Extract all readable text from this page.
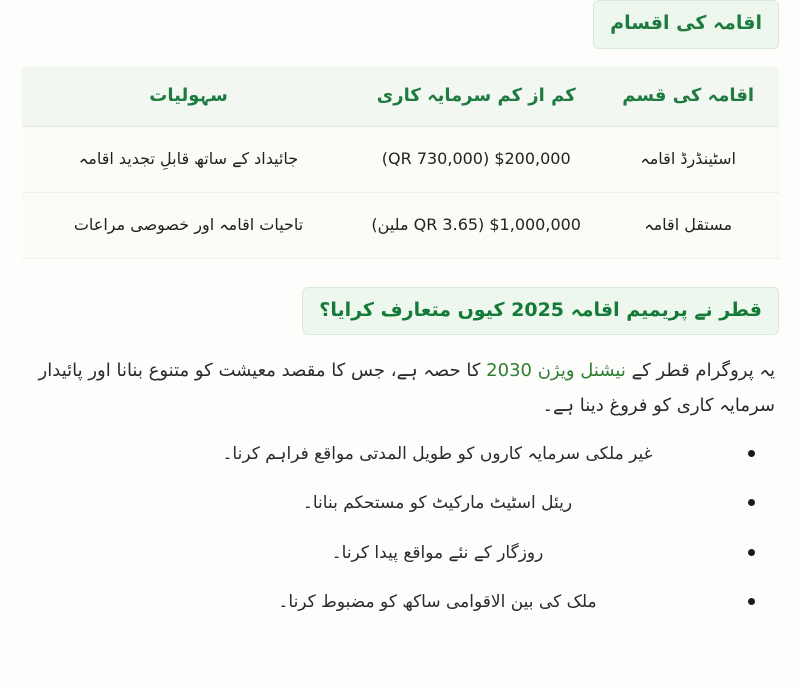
اقامہ کی اقسام
اقامہ کی قسم	کم از کم سرمایہ کاری	سہولیات
اسٹینڈرڈ اقامہ	$200,000 (QR 730,000)	جائیداد کے ساتھ قابلِ تجدید اقامہ
مستقل اقامہ	$1,000,000 (QR 3.65 ملین)	تاحیات اقامہ اور خصوصی مراعات
قطر نے پریمیم اقامہ 2025 کیوں متعارف کرایا؟

یہ پروگرام قطر کے نیشنل ویژن 2030 کا حصہ ہے، جس کا مقصد معیشت کو متنوع بنانا اور پائیدار سرمایہ کاری کو فروغ دینا ہے۔

غیر ملکی سرمایہ کاروں کو طویل المدتی مواقع فراہم کرنا۔
ریئل اسٹیٹ مارکیٹ کو مستحکم بنانا۔
روزگار کے نئے مواقع پیدا کرنا۔
ملک کی بین الاقوامی ساکھ کو مضبوط کرنا۔
